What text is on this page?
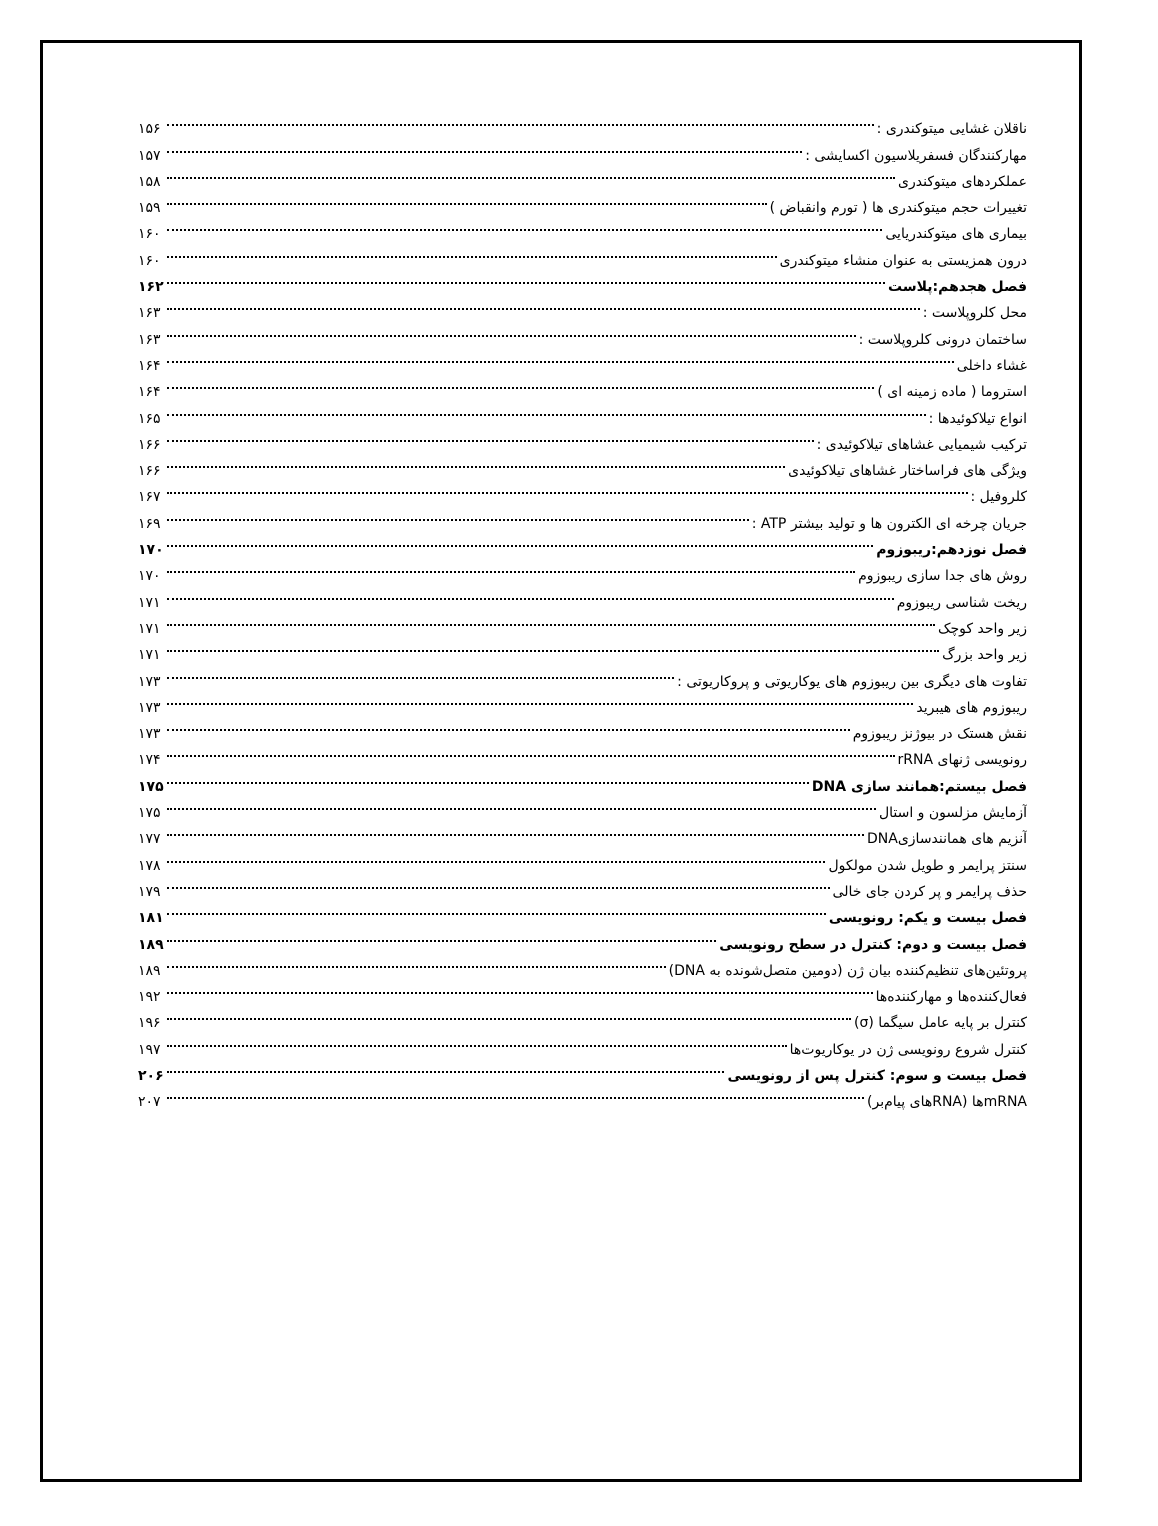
ناقلان غشایی میتوکندری :
۱۵۶
مهارکنندگان فسفریلاسیون اکسایشی :
۱۵۷
عملکردهای میتوکندری
۱۵۸
تغییرات حجم میتوکندری ها ( تورم وانقباض )
۱۵۹
بیماری های میتوکندریایی
۱۶۰
درون همزیستی به عنوان منشاء میتوکندری
۱۶۰
فصل هجدهم:پلاست
۱۶۲
محل کلروپلاست :
۱۶۳
ساختمان درونی کلروپلاست :
۱۶۳
غشاء داخلی
۱۶۴
استروما ( ماده زمینه ای )
۱۶۴
انواع تیلاکوئیدها :
۱۶۵
ترکیب شیمیایی غشاهای تیلاکوئیدی :
۱۶۶
ویژگی های فراساختار غشاهای تیلاکوئیدی
۱۶۶
کلروفیل :
۱۶۷
جریان چرخه ای الکترون ها و تولید بیشتر ATP :
۱۶۹
فصل نوزدهم:ریبوزوم
۱۷۰
روش های جدا سازی ریبوزوم
۱۷۰
ریخت شناسی ریبوزوم
۱۷۱
زیر واحد کوچک
۱۷۱
زیر واحد بزرگ
۱۷۱
تفاوت های دیگری بین ریبوزوم های یوکاریوتی و پروکاریوتی :
۱۷۳
ریبوزوم های هیبرید
۱۷۳
نقش هستک در بیوژنز ریبوزوم
۱۷۳
رونویسی ژنهای rRNA
۱۷۴
فصل بیستم:همانند سازی DNA
۱۷۵
آزمایش مزلسون و استال
۱۷۵
آنزیم های همانندسازیDNA
۱۷۷
سنتز پرایمر و طویل شدن مولکول
۱۷۸
حذف پرایمر و پر کردن جای خالی
۱۷۹
فصل بیست و یکم: رونویسی
۱۸۱
فصل بیست و دوم: کنترل در سطح رونویسی
۱۸۹
پروتئین‌های تنظیم‌کننده بیان ژن (دومین متصل‌شونده به DNA)
۱۸۹
فعال‌کننده‌ها و مهارکننده‌ها
۱۹۲
کنترل بر پایه عامل سیگما (σ)
۱۹۶
کنترل شروع رونویسی ژن در یوکاریوت‌ها
۱۹۷
فصل بیست و سوم: کنترل پس از رونویسی
۲۰۶
mRNAها (RNAهای پیام‌بر)
۲۰۷
